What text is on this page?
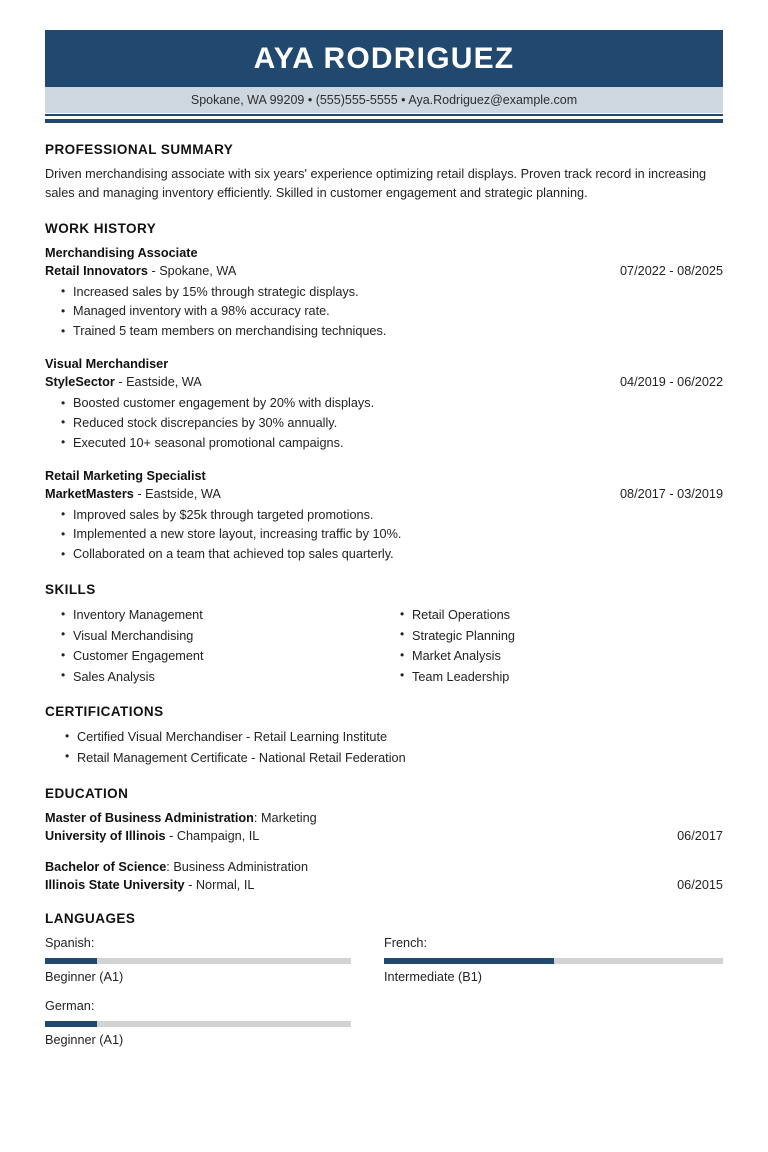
AYA RODRIGUEZ
Spokane, WA 99209 • (555)555-5555 • Aya.Rodriguez@example.com
PROFESSIONAL SUMMARY

Driven merchandising associate with six years' experience optimizing retail displays. Proven track record in increasing sales and managing inventory efficiently. Skilled in customer engagement and strategic planning.

WORK HISTORY
Merchandising Associate
Retail Innovators - Spokane, WA	07/2022 - 08/2025
• Increased sales by 15% through strategic displays.
• Managed inventory with a 98% accuracy rate.
• Trained 5 team members on merchandising techniques.
Visual Merchandiser
StyleSector - Eastside, WA	04/2019 - 06/2022
• Boosted customer engagement by 20% with displays.
• Reduced stock discrepancies by 30% annually.
• Executed 10+ seasonal promotional campaigns.
Retail Marketing Specialist
MarketMasters - Eastside, WA	08/2017 - 03/2019
• Improved sales by $25k through targeted promotions.
• Implemented a new store layout, increasing traffic by 10%.
• Collaborated on a team that achieved top sales quarterly.
SKILLS
• Inventory Management
• Visual Merchandising
• Customer Engagement
• Sales Analysis
• Retail Operations
• Strategic Planning
• Market Analysis
• Team Leadership
CERTIFICATIONS
• Certified Visual Merchandiser - Retail Learning Institute
• Retail Management Certificate - National Retail Federation
EDUCATION
Master of Business Administration: Marketing
University of Illinois - Champaign, IL	06/2017
Bachelor of Science: Business Administration
Illinois State University - Normal, IL	06/2015
LANGUAGES
Spanish:
Beginner (A1)
French:
Intermediate (B1)
German:
Beginner (A1)
